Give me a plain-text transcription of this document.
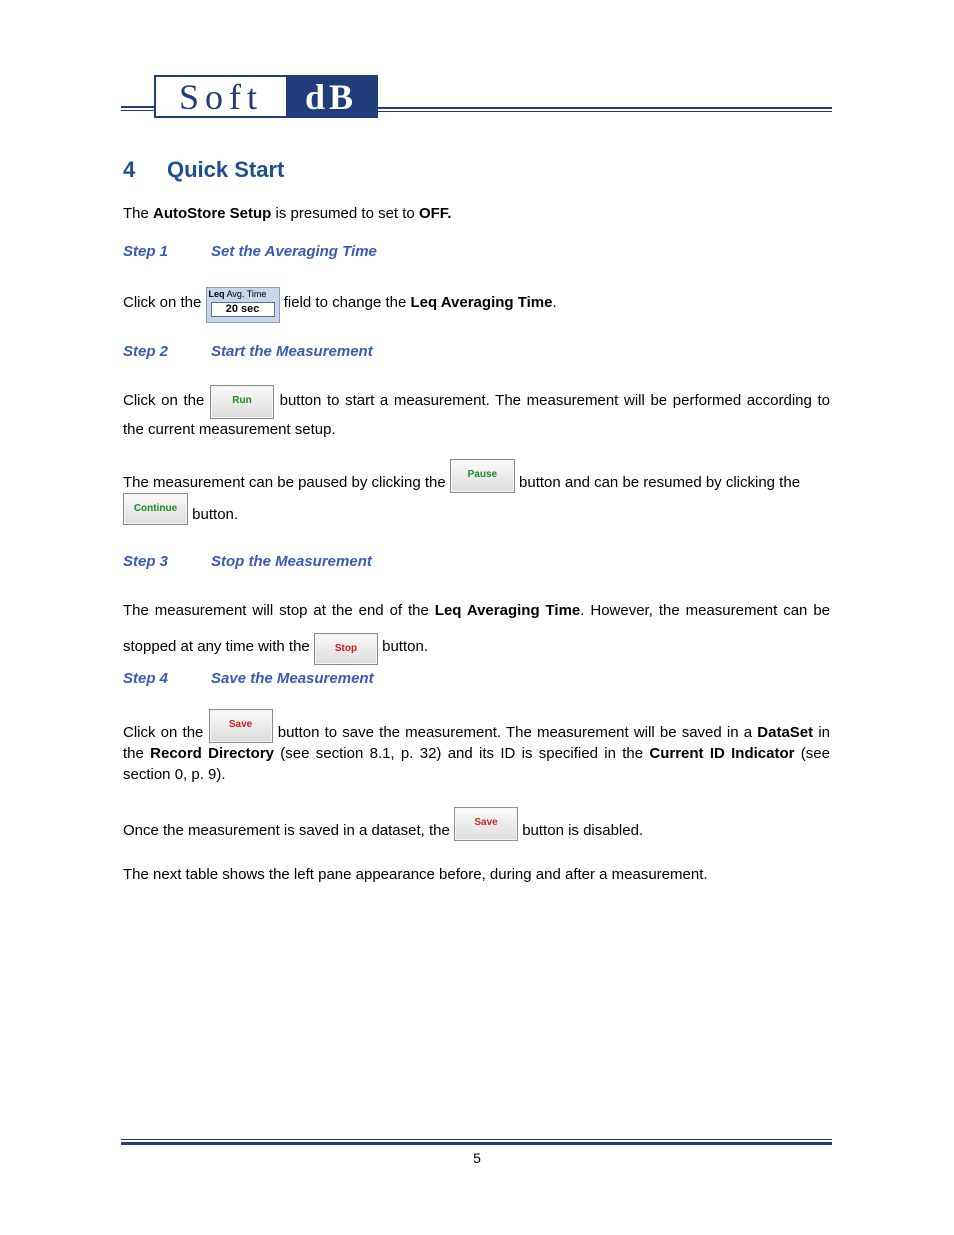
Soft	dB
4 Quick Start
The AutoStore Setup is presumed to set to OFF.
Step 1	Set the Averaging Time
Click on the Leq Avg. Time
20 sec	field to change the Leq Averaging Time.
Step 2	Start the Measurement
Click on the Run button to start a measurement. The measurement will be performed according to the current measurement setup.
The measurement can be paused by clicking the Pause button and can be resumed by clicking the
Continue button.
Step 3	Stop the Measurement
The measurement will stop at the end of the Leq Averaging Time. However, the measurement can be stopped at any time with the Stop button.
Step 4	Save the Measurement
Click on the Save button to save the measurement. The measurement will be saved in a DataSet in the Record Directory (see section 8.1, p. 32) and its ID is specified in the Current ID Indicator (see section 0, p. 9).
Once the measurement is saved in a dataset, the Save button is disabled.
The next table shows the left pane appearance before, during and after a measurement.
5
